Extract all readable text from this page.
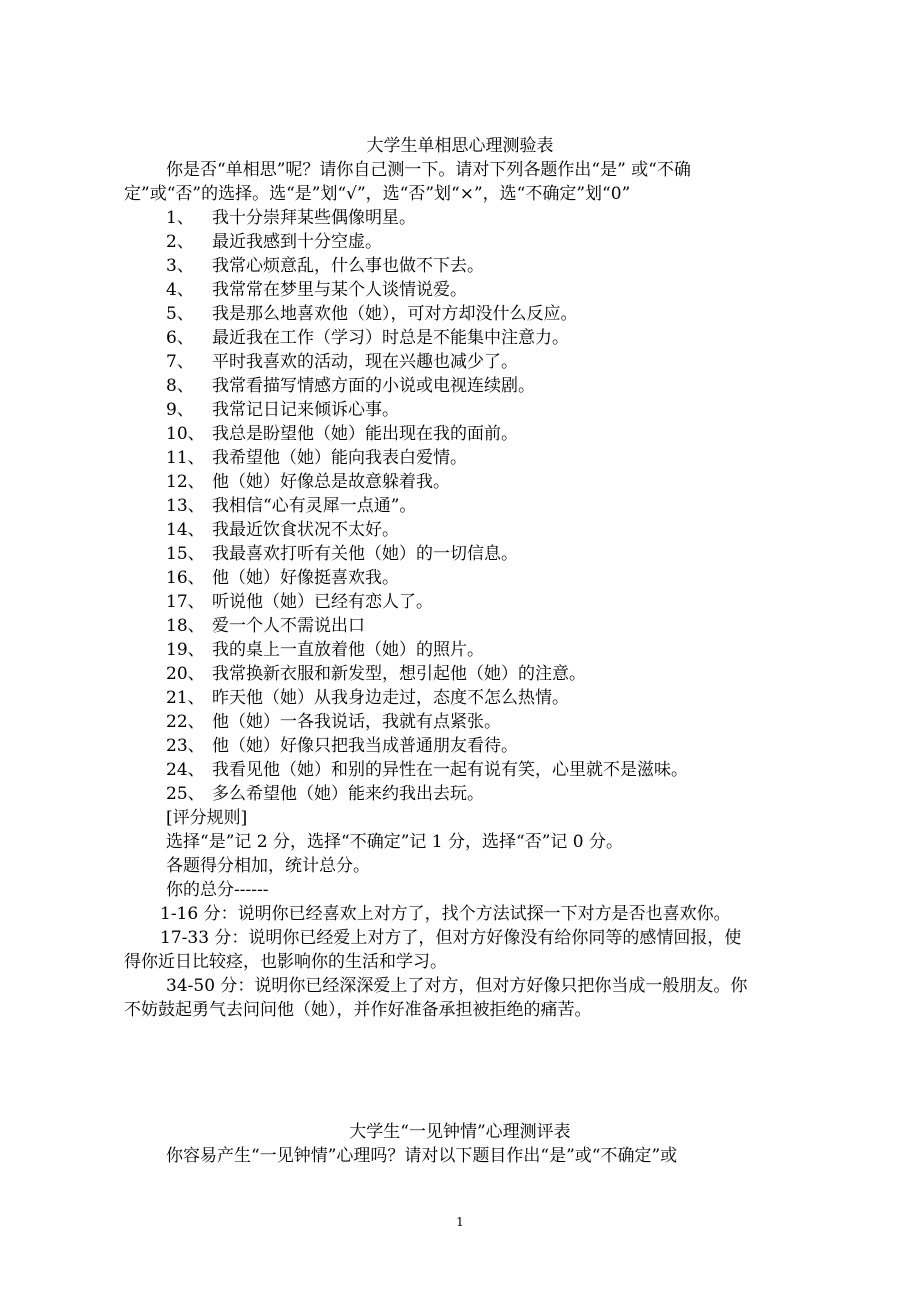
大学生单相思心理测验表
你是否“单相思”呢？请你自己测一下。请对下列各题作出“是” 或“不确
定”或“否”的选择。选“是”划“√”，选“否”划“×”，选“不确定”划“0”
1、 我十分崇拜某些偶像明星。
2、 最近我感到十分空虚。
3、 我常心烦意乱，什么事也做不下去。
4、 我常常在梦里与某个人谈情说爱。
5、 我是那么地喜欢他（她），可对方却没什么反应。
6、 最近我在工作（学习）时总是不能集中注意力。
7、 平时我喜欢的活动，现在兴趣也减少了。
8、 我常看描写情感方面的小说或电视连续剧。
9、 我常记日记来倾诉心事。
10、 我总是盼望他（她）能出现在我的面前。
11、 我希望他（她）能向我表白爱情。
12、 他（她）好像总是故意躲着我。
13、 我相信“心有灵犀一点通”。
14、 我最近饮食状况不太好。
15、 我最喜欢打听有关他（她）的一切信息。
16、 他（她）好像挺喜欢我。
17、 听说他（她）已经有恋人了。
18、 爱一个人不需说出口
19、 我的桌上一直放着他（她）的照片。
20、 我常换新衣服和新发型，想引起他（她）的注意。
21、 昨天他（她）从我身边走过，态度不怎么热情。
22、 他（她）一各我说话，我就有点紧张。
23、 他（她）好像只把我当成普通朋友看待。
24、 我看见他（她）和别的异性在一起有说有笑，心里就不是滋味。
25、 多么希望他（她）能来约我出去玩。
[评分规则]
选择“是”记 2 分，选择“不确定”记 1 分，选择“否”记 0 分。
各题得分相加，统计总分。
你的总分------
1-16 分：说明你已经喜欢上对方了，找个方法试探一下对方是否也喜欢你。
17-33 分：说明你已经爱上对方了，但对方好像没有给你同等的感情回报，使
得你近日比较痉，也影响你的生活和学习。
34-50 分：说明你已经深深爱上了对方，但对方好像只把你当成一般朋友。你
不妨鼓起勇气去问问他（她），并作好准备承担被拒绝的痛苦。
大学生“一见钟情”心理测评表
你容易产生“一见钟情”心理吗？请对以下题目作出“是”或“不确定”或
1
